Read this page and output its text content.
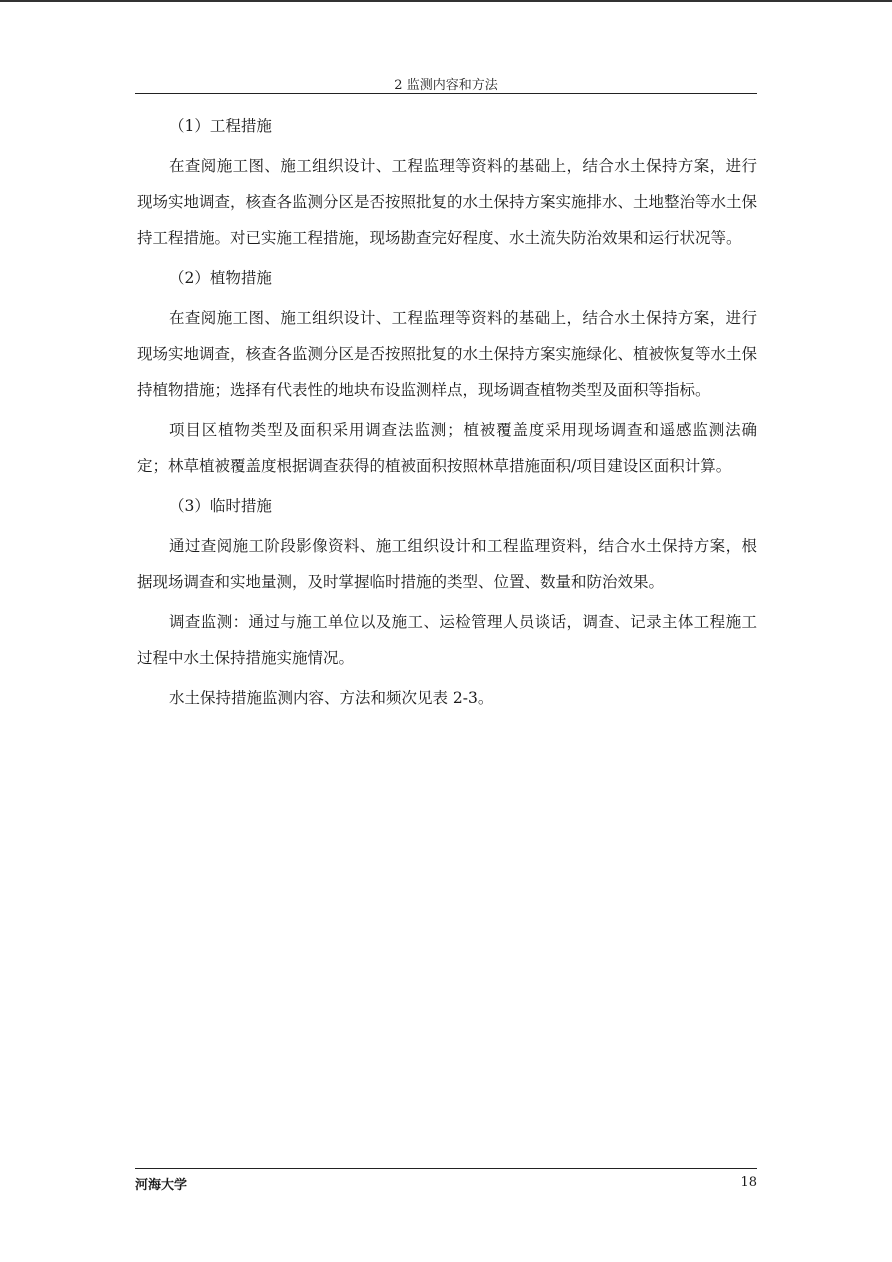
2 监测内容和方法

（1）工程措施

在查阅施工图、施工组织设计、工程监理等资料的基础上，结合水土保持方案，进行现场实地调查，核查各监测分区是否按照批复的水土保持方案实施排水、土地整治等水土保持工程措施。对已实施工程措施，现场勘查完好程度、水土流失防治效果和运行状况等。

（2）植物措施

在查阅施工图、施工组织设计、工程监理等资料的基础上，结合水土保持方案，进行现场实地调查，核查各监测分区是否按照批复的水土保持方案实施绿化、植被恢复等水土保持植物措施；选择有代表性的地块布设监测样点，现场调查植物类型及面积等指标。

项目区植物类型及面积采用调查法监测；植被覆盖度采用现场调查和遥感监测法确定；林草植被覆盖度根据调查获得的植被面积按照林草措施面积/项目建设区面积计算。

（3）临时措施

通过查阅施工阶段影像资料、施工组织设计和工程监理资料，结合水土保持方案，根据现场调查和实地量测，及时掌握临时措施的类型、位置、数量和防治效果。

调查监测：通过与施工单位以及施工、运检管理人员谈话，调查、记录主体工程施工过程中水土保持措施实施情况。

水土保持措施监测内容、方法和频次见表 2-3。

河海大学	18
